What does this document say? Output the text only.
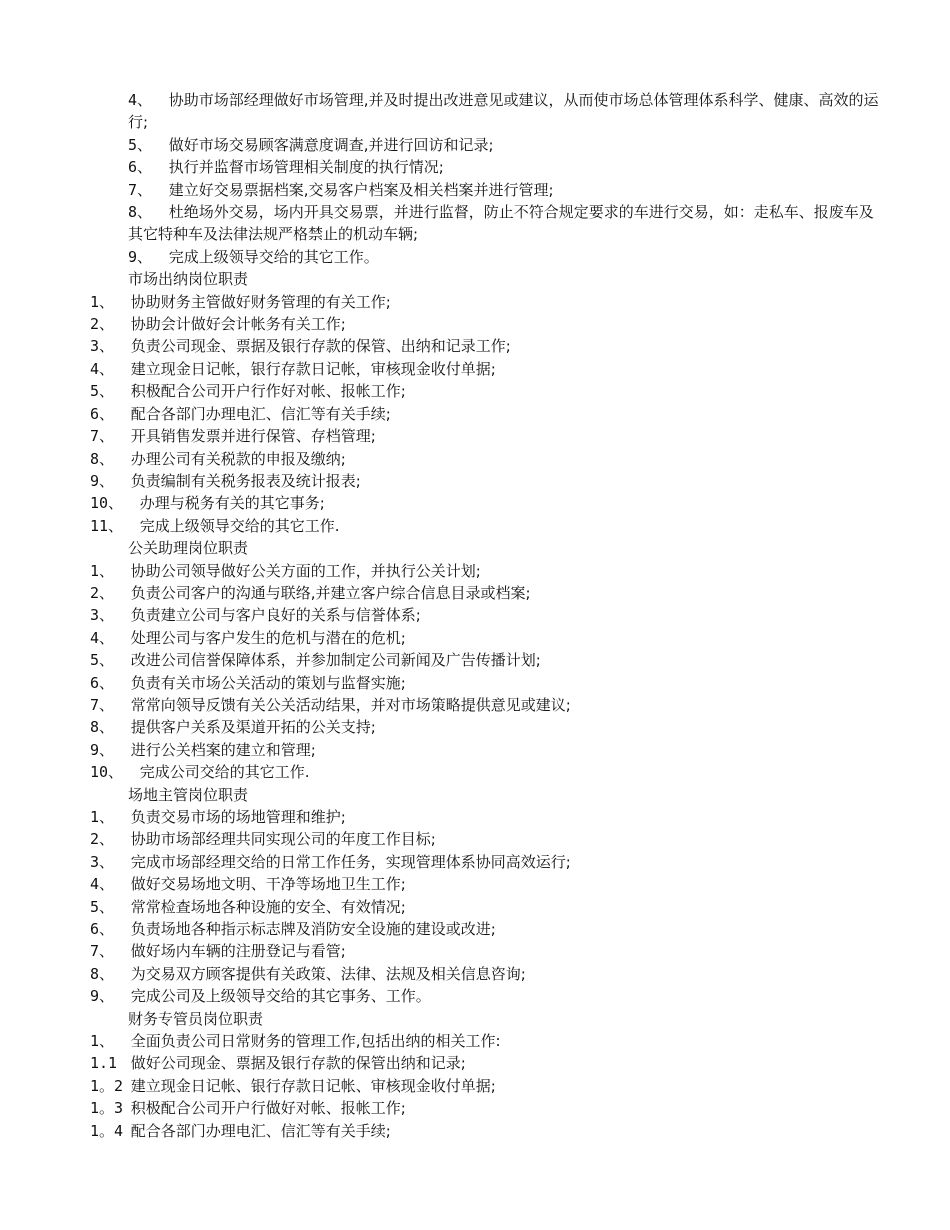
4、 协助市场部经理做好市场管理,并及时提出改进意见或建议，从而使市场总体管理体系科学、健康、高效的运行;
5、 做好市场交易顾客满意度调查,并进行回访和记录;
6、 执行并监督市场管理相关制度的执行情况;
7、 建立好交易票据档案,交易客户档案及相关档案并进行管理;
8、 杜绝场外交易，场内开具交易票，并进行监督，防止不符合规定要求的车进行交易，如：走私车、报废车及其它特种车及法律法规严格禁止的机动车辆;
9、 完成上级领导交给的其它工作。
市场出纳岗位职责
1、 协助财务主管做好财务管理的有关工作;
2、 协助会计做好会计帐务有关工作;
3、 负责公司现金、票据及银行存款的保管、出纳和记录工作;
4、 建立现金日记帐，银行存款日记帐，审核现金收付单据;
5、 积极配合公司开户行作好对帐、报帐工作;
6、 配合各部门办理电汇、信汇等有关手续;
7、 开具销售发票并进行保管、存档管理;
8、 办理公司有关税款的申报及缴纳;
9、 负责编制有关税务报表及统计报表;
10、 办理与税务有关的其它事务;
11、 完成上级领导交给的其它工作.
公关助理岗位职责
1、 协助公司领导做好公关方面的工作，并执行公关计划;
2、 负责公司客户的沟通与联络,并建立客户综合信息目录或档案;
3、 负责建立公司与客户良好的关系与信誉体系;
4、 处理公司与客户发生的危机与潜在的危机;
5、 改进公司信誉保障体系，并参加制定公司新闻及广告传播计划;
6、 负责有关市场公关活动的策划与监督实施;
7、 常常向领导反馈有关公关活动结果，并对市场策略提供意见或建议;
8、 提供客户关系及渠道开拓的公关支持;
9、 进行公关档案的建立和管理;
10、 完成公司交给的其它工作.
场地主管岗位职责
1、 负责交易市场的场地管理和维护;
2、 协助市场部经理共同实现公司的年度工作目标;
3、 完成市场部经理交给的日常工作任务，实现管理体系协同高效运行;
4、 做好交易场地文明、干净等场地卫生工作;
5、 常常检查场地各种设施的安全、有效情况;
6、 负责场地各种指示标志牌及消防安全设施的建设或改进;
7、 做好场内车辆的注册登记与看管;
8、 为交易双方顾客提供有关政策、法律、法规及相关信息咨询;
9、 完成公司及上级领导交给的其它事务、工作。
财务专管员岗位职责
1、 全面负责公司日常财务的管理工作,包括出纳的相关工作:
1.1 做好公司现金、票据及银行存款的保管出纳和记录;
1。2 建立现金日记帐、银行存款日记帐、审核现金收付单据;
1。3 积极配合公司开户行做好对帐、报帐工作;
1。4 配合各部门办理电汇、信汇等有关手续;
